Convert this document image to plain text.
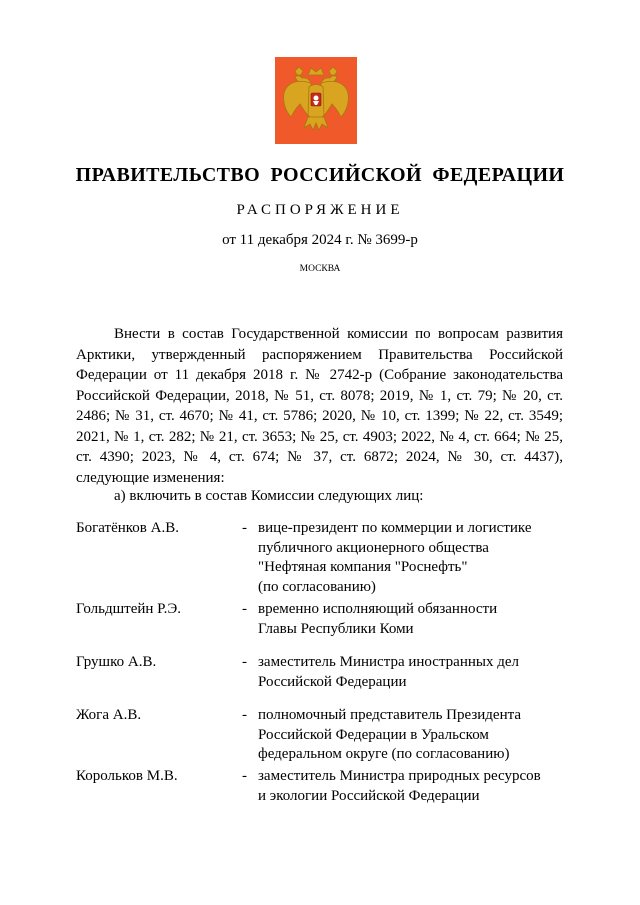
ПРАВИТЕЛЬСТВО РОССИЙСКОЙ ФЕДЕРАЦИИ
РАСПОРЯЖЕНИЕ
от 11 декабря 2024 г. № 3699-р
МОСКВА

Внести в состав Государственной комиссии по вопросам развития Арктики, утвержденный распоряжением Правительства Российской Федерации от 11 декабря 2018 г. № 2742-р (Собрание законодательства Российской Федерации, 2018, № 51, ст. 8078; 2019, № 1, ст. 79; № 20, ст. 2486; № 31, ст. 4670; № 41, ст. 5786; 2020, № 10, ст. 1399; № 22, ст. 3549; 2021, № 1, ст. 282; № 21, ст. 3653; № 25, ст. 4903; 2022, № 4, ст. 664; № 25, ст. 4390; 2023, № 4, ст. 674; № 37, ст. 6872; 2024, № 30, ст. 4437), следующие изменения:

а) включить в состав Комиссии следующих лиц:

Богатёнков А.В.	- вице-президент по коммерции и логистике
публичного акционерного общества
"Нефтяная компания "Роснефть"
(по согласованию)
Гольдштейн Р.Э.	- временно исполняющий обязанности
Главы Республики Коми
Грушко А.В.	- заместитель Министра иностранных дел
Российской Федерации
Жога А.В.	- полномочный представитель Президента
Российской Федерации в Уральском
федеральном округе (по согласованию)
Корольков М.В.	- заместитель Министра природных ресурсов
и экологии Российской Федерации
